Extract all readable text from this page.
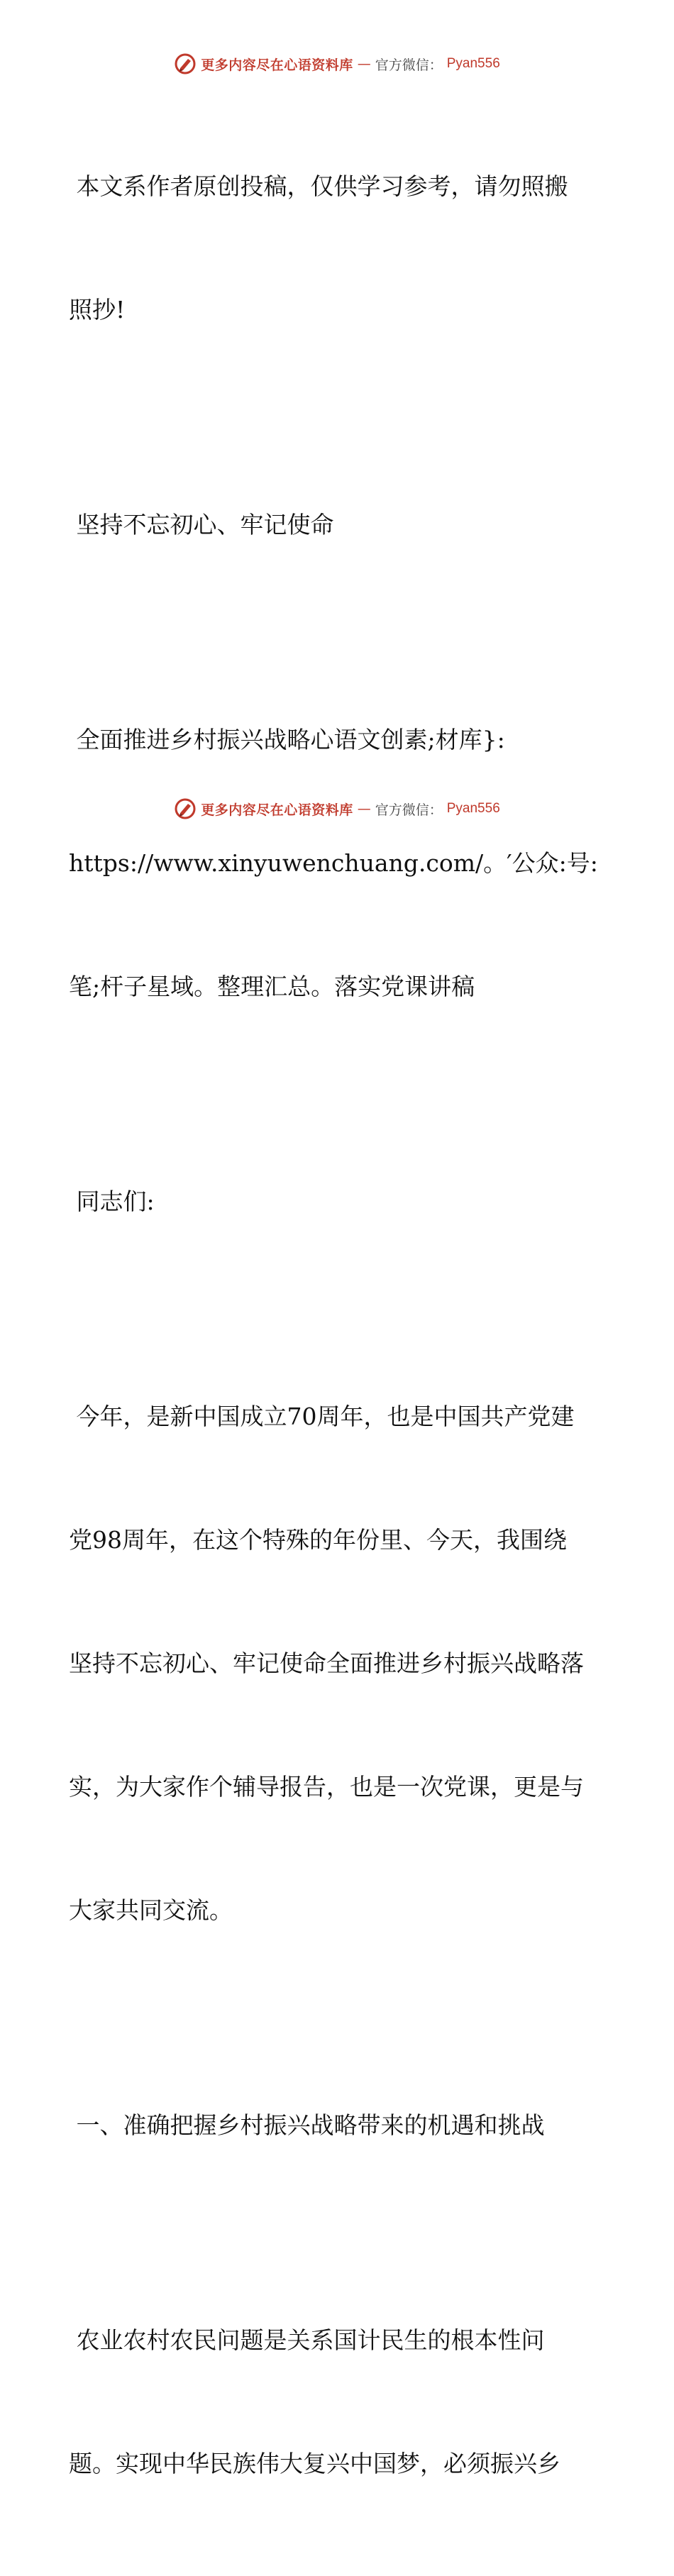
更多内容尽在心语资料库 — 官方微信： Pyan556

本文系作者原创投稿，仅供学习参考，请勿照搬

照抄!

坚持不忘初心、牢记使命

全面推进乡村振兴战略心语文创素;材库}:

https://www.xinyuwenchuang.com/。′公众:号:

笔;杆子星域。整理汇总。落实党课讲稿

同志们:

今年，是新中国成立70周年，也是中国共产党建

党98周年，在这个特殊的年份里、今天，我围绕

坚持不忘初心、牢记使命全面推进乡村振兴战略落

实，为大家作个辅导报告，也是一次党课，更是与

大家共同交流。

一、准确把握乡村振兴战略带来的机遇和挑战

农业农村农民问题是关系国计民生的根本性问

题。实现中华民族伟大复兴中国梦，必须振兴乡

更多内容尽在心语资料库 — 官方微信： Pyan556
